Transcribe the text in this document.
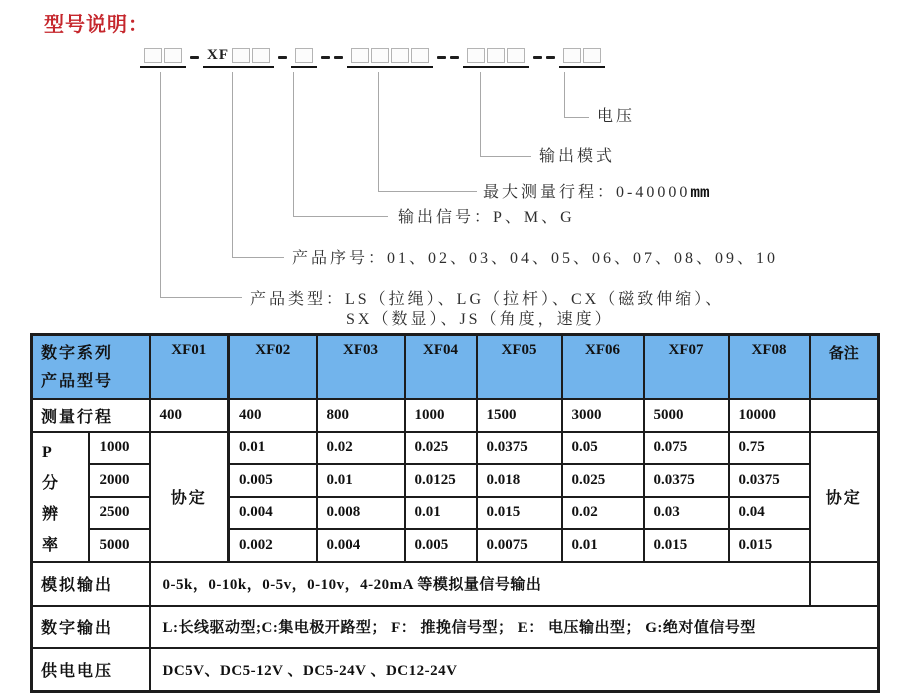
型号说明：
XF
电压
输出模式
最大测量行程：0-40000mm
输出信号：P、M、G
产品序号：01、02、03、04、05、06、07、08、09、10
产品类型：LS（拉绳）、LG（拉杆）、CX（磁致伸缩）、
SX（数显）、JS（角度，速度）
数字系列
产品型号		XF01	XF02	XF03	XF04	XF05	XF06	XF07	XF08	备注
测量行程		400	400	800	1000	1500	3000	5000	10000	
P
分
辨
率	1000	协定	0.01	0.02	0.025	0.0375	0.05	0.075	0.75	协定
	2000		0.005	0.01	0.0125	0.018	0.025	0.0375	0.0375	
	2500		0.004	0.008	0.01	0.015	0.02	0.03	0.04	
	5000		0.002	0.004	0.005	0.0075	0.01	0.015	0.015	
模拟输出		0-5k，0-10k，0-5v，0-10v，4-20mA 等模拟量信号输出								
数字输出		L:长线驱动型;C:集电极开路型； F： 推挽信号型； E： 电压输出型； G:绝对值信号型								
供电电压		DC5V、DC5-12V 、DC5-24V 、DC12-24V								
